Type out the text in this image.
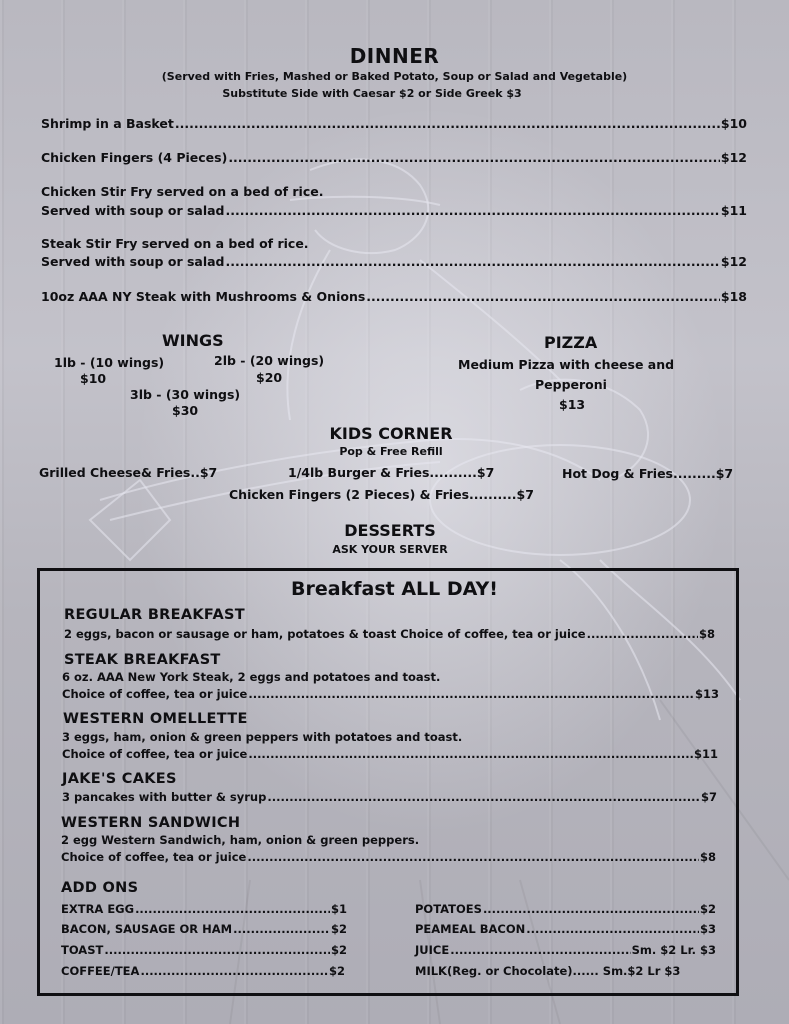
DINNER
(Served with Fries, Mashed or Baked Potato, Soup or Salad and Vegetable)
Substitute Side with Caesar $2 or Side Greek $3
Shrimp in a Basket .....	$10
Chicken Fingers (4 Pieces) .....	$12
Chicken Stir Fry served on a bed of rice.
Served with soup or salad .....	$11
Steak Stir Fry served on a bed of rice.
Served with soup or salad .....	$12
10oz AAA NY Steak with Mushrooms & Onions .....	$18
WINGS
1lb - (10 wings)
$10
2lb - (20 wings)
$20
3lb - (30 wings)
$30
PIZZA
Medium Pizza with cheese and
Pepperoni
$13
KIDS CORNER
Pop & Free Refill
Grilled Cheese& Fries..$7	1/4lb Burger & Fries..........$7	Hot Dog & Fries.........$7
Chicken Fingers (2 Pieces) & Fries..........$7
DESSERTS
ASK YOUR SERVER
Breakfast ALL DAY!
REGULAR BREAKFAST
2 eggs, bacon or sausage or ham, potatoes & toast Choice of coffee, tea or juice .....	$8
STEAK BREAKFAST
6 oz. AAA New York Steak, 2 eggs and potatoes and toast.
Choice of coffee, tea or juice .....	$13
WESTERN OMELLETTE
3 eggs, ham, onion & green peppers with potatoes and toast.
Choice of coffee, tea or juice .....	$11
JAKE'S CAKES
3 pancakes with butter & syrup .....	$7
WESTERN SANDWICH
2 egg Western Sandwich, ham, onion & green peppers.
Choice of coffee, tea or juice .....	$8
ADD ONS
EXTRA EGG .....	$1
BACON, SAUSAGE OR HAM .....	$2
TOAST .....	$2
COFFEE/TEA .....	$2
POTATOES .....	$2
PEAMEAL BACON .....	$3
JUICE .....	Sm. $2 Lr. $3
MILK(Reg. or Chocolate)...... Sm.$2 Lr $3
